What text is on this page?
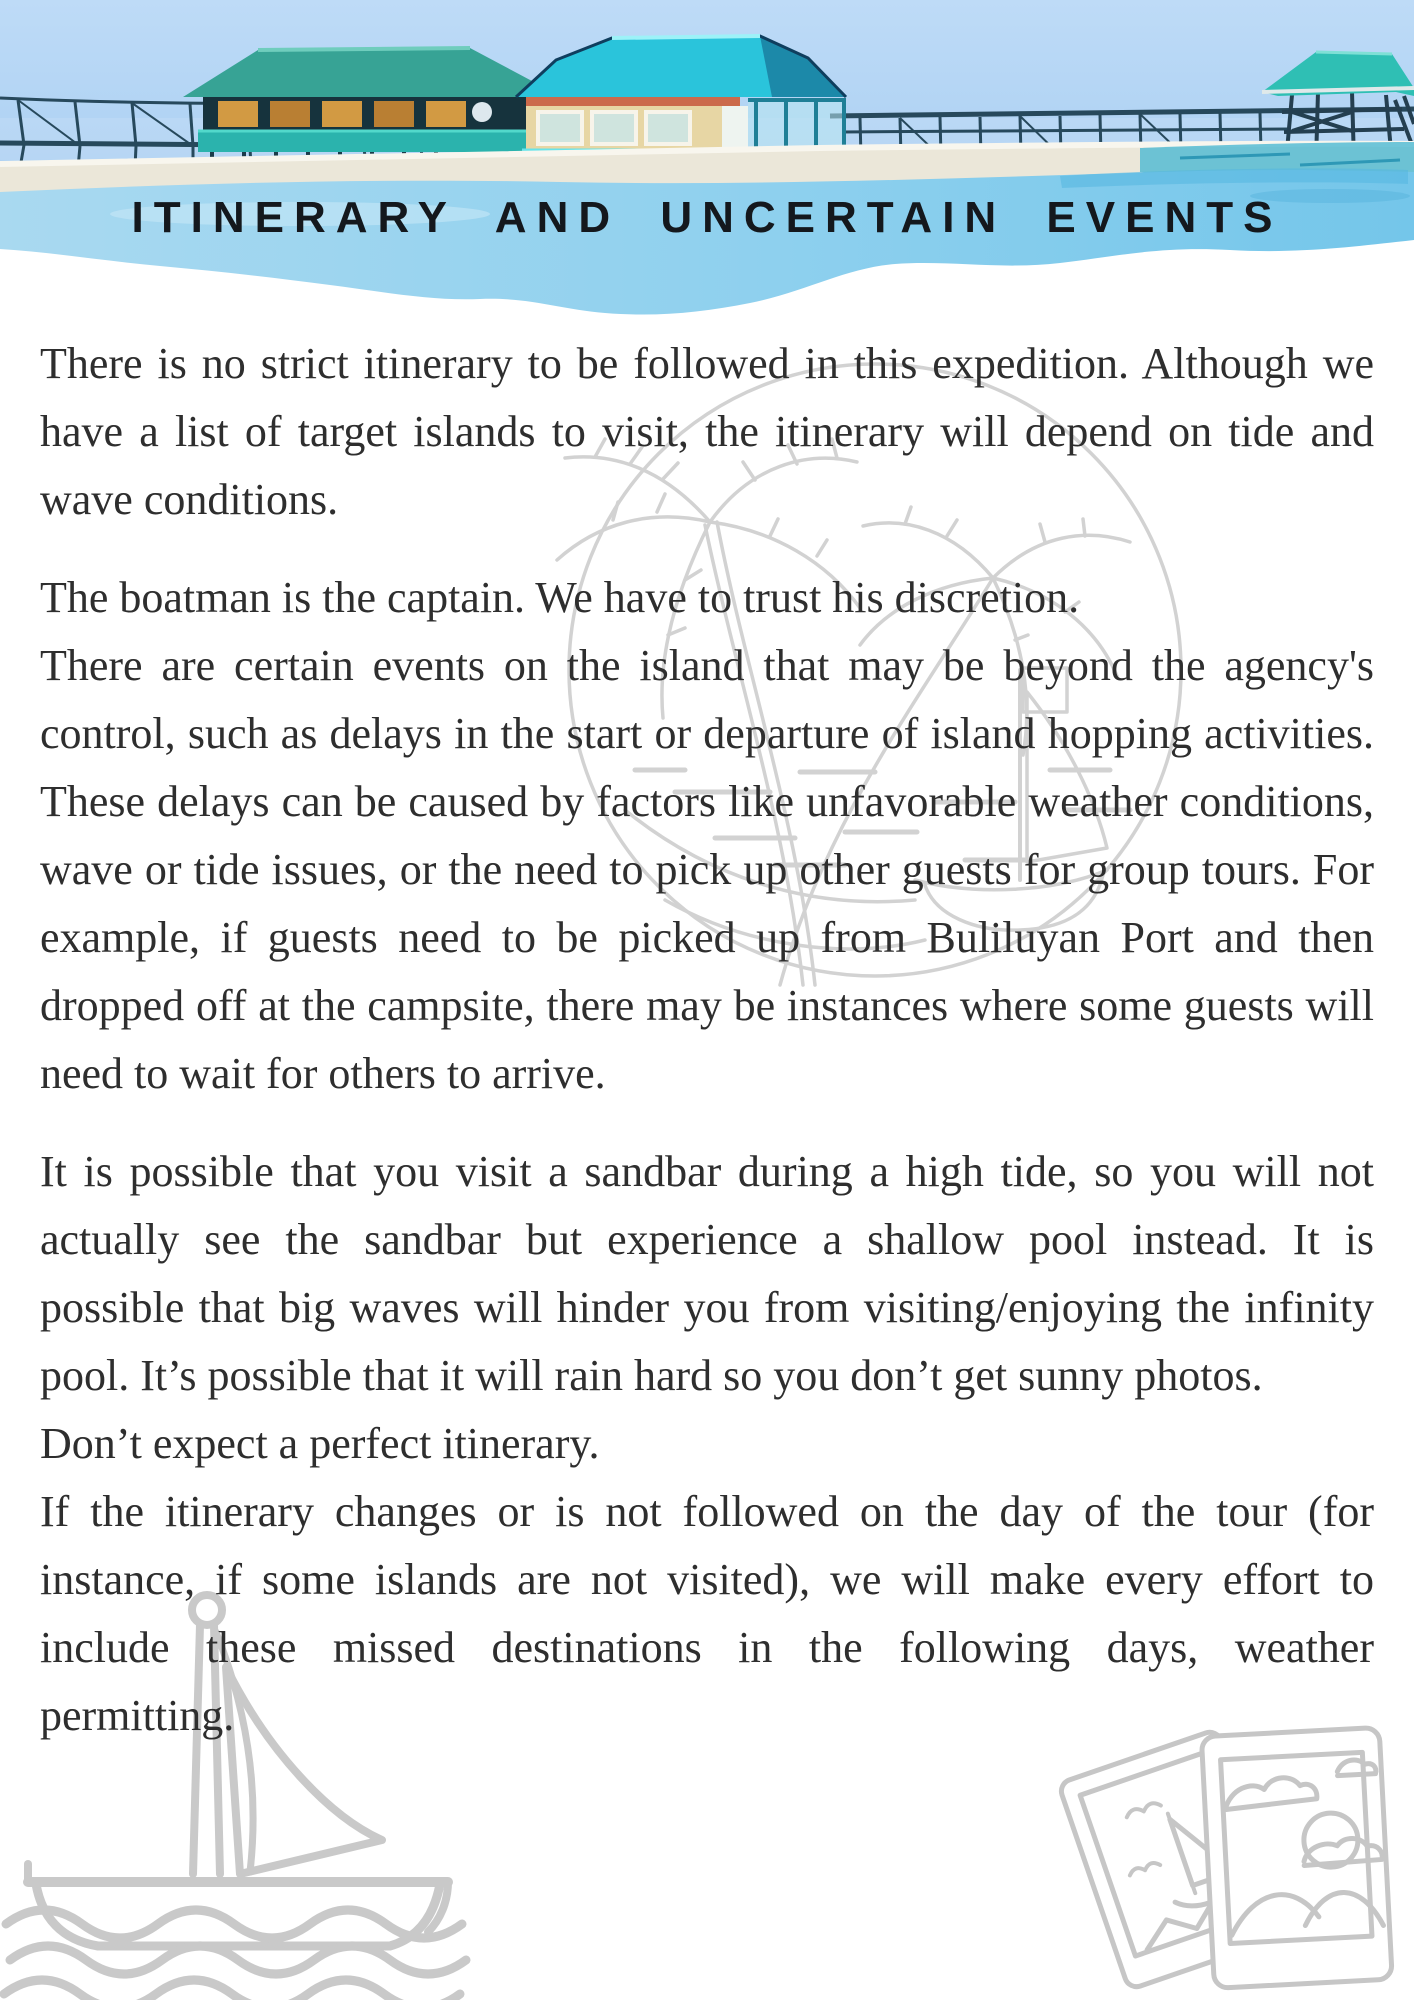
ITINERARY AND UNCERTAIN EVENTS

There is no strict itinerary to be followed in this expedition. Although we have a list of target islands to visit, the itinerary will depend on tide and wave conditions.

The boatman is the captain. We have to trust his discretion.

There are certain events on the island that may be beyond the agency's control, such as delays in the start or departure of island hopping activities. These delays can be caused by factors like unfavorable weather conditions, wave or tide issues, or the need to pick up other guests for group tours. For example, if guests need to be picked up from Buliluyan Port and then dropped off at the campsite, there may be instances where some guests will need to wait for others to arrive.

It is possible that you visit a sandbar during a high tide, so you will not actually see the sandbar but experience a shallow pool instead. It is possible that big waves will hinder you from visiting/enjoying the infinity pool. It’s possible that it will rain hard so you don’t get sunny photos.

Don’t expect a perfect itinerary.

If the itinerary changes or is not followed on the day of the tour (for instance, if some islands are not visited), we will make every effort to include these missed destinations in the following days, weather permitting.
